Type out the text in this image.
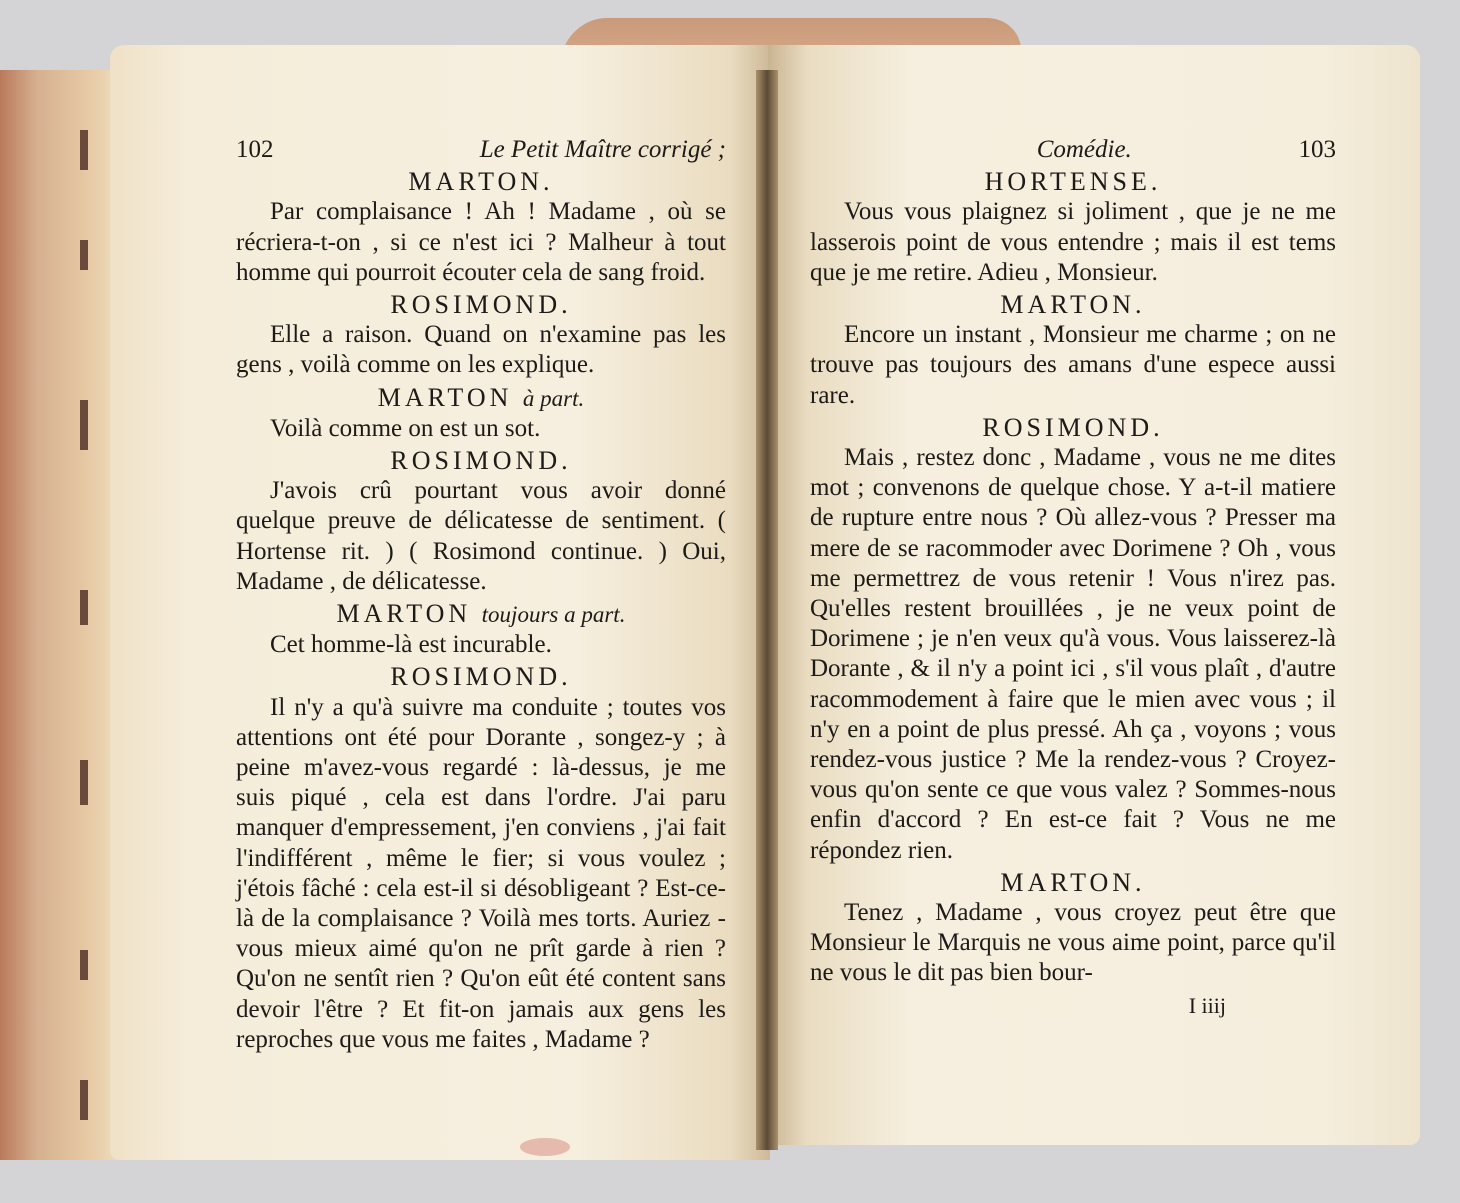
102	Le Petit Maître corrigé ;
MARTON.

Par complaisance ! Ah ! Madame , où se récriera-t-on , si ce n'est ici ? Malheur à tout homme qui pourroit écouter cela de sang froid.

ROSIMOND.

Elle a raison. Quand on n'examine pas les gens , voilà comme on les explique.

MARTON à part.

Voilà comme on est un sot.

ROSIMOND.

J'avois crû pourtant vous avoir donné quelque preuve de délicatesse de sentiment. ( Hortense rit. ) ( Rosimond continue. ) Oui, Madame , de délicatesse.

MARTON toujours a part.

Cet homme-là est incurable.

ROSIMOND.

Il n'y a qu'à suivre ma conduite ; toutes vos attentions ont été pour Dorante , songez-y ; à peine m'avez-vous regardé : là-dessus, je me suis piqué , cela est dans l'ordre. J'ai paru manquer d'empressement, j'en conviens , j'ai fait l'indifférent , même le fier; si vous voulez ; j'étois fâché : cela est-il si désobligeant ? Est-ce-là de la complaisance ? Voilà mes torts. Auriez - vous mieux aimé qu'on ne prît garde à rien ? Qu'on ne sentît rien ? Qu'on eût été content sans devoir l'être ? Et fit-on jamais aux gens les reproches que vous me faites , Madame ?

Comédie.	103
HORTENSE.

Vous vous plaignez si joliment , que je ne me lasserois point de vous entendre ; mais il est tems que je me retire. Adieu , Monsieur.

MARTON.

Encore un instant , Monsieur me charme ; on ne trouve pas toujours des amans d'une espece aussi rare.

ROSIMOND.

Mais , restez donc , Madame , vous ne me dites mot ; convenons de quelque chose. Y a-t-il matiere de rupture entre nous ? Où allez-vous ? Presser ma mere de se racommoder avec Dorimene ? Oh , vous me permettrez de vous retenir ! Vous n'irez pas. Qu'elles restent brouillées , je ne veux point de Dorimene ; je n'en veux qu'à vous. Vous laisserez-là Dorante , & il n'y a point ici , s'il vous plaît , d'autre racommodement à faire que le mien avec vous ; il n'y en a point de plus pressé. Ah ça , voyons ; vous rendez-vous justice ? Me la rendez-vous ? Croyez-vous qu'on sente ce que vous valez ? Sommes-nous enfin d'accord ? En est-ce fait ? Vous ne me répondez rien.

MARTON.

Tenez , Madame , vous croyez peut être que Monsieur le Marquis ne vous aime point, parce qu'il ne vous le dit pas bien bour-

I iiij
